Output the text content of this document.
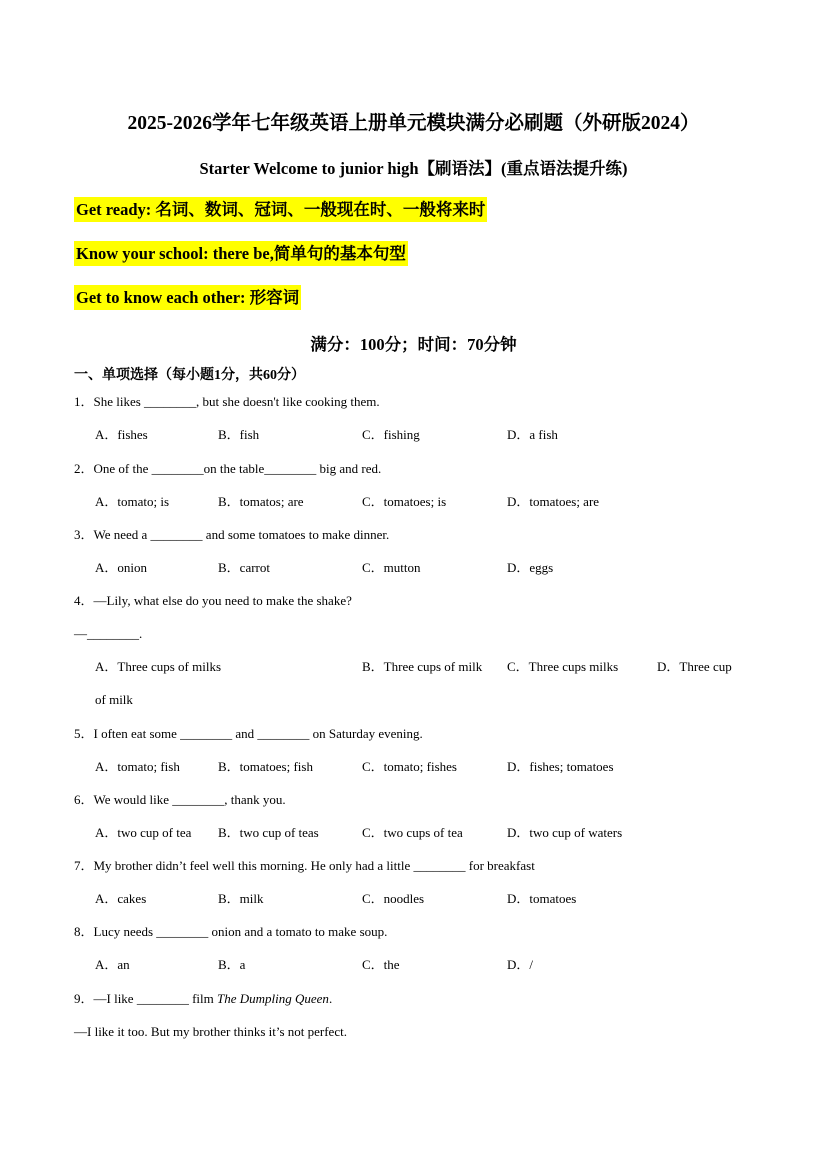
2025-2026学年七年级英语上册单元模块满分必刷题（外研版2024）
Starter Welcome to junior high【刷语法】(重点语法提升练)
Get ready: 名词、数词、冠词、一般现在时、一般将来时
Know your school: there be,简单句的基本句型
Get to know each other: 形容词
满分：100分；时间：70分钟
一、单项选择（每小题1分，共60分）
1．She likes ________, but she doesn't like cooking them.
A．fishes	B．fish	C．fishing	D．a fish
2．One of the ________on the table________ big and red.
A．tomato; is	B．tomatos; are	C．tomatoes; is	D．tomatoes; are
3．We need a ________ and some tomatoes to make dinner.
A．onion	B．carrot	C．mutton	D．eggs
4．—Lily, what else do you need to make the shake?
—________.
A．Three cups of milks	B．Three cups of milk C．Three cups milks	D．Three cup
of milk
5．I often eat some ________ and ________ on Saturday evening.
A．tomato; fish	B．tomatoes; fish	C．tomato; fishes	D．fishes; tomatoes
6．We would like ________, thank you.
A．two cup of tea B．two cup of teas	C．two cups of tea	D．two cup of waters
7．My brother didn’t feel well this morning. He only had a little ________ for breakfast
A．cakes	B．milk	C．noodles	D．tomatoes
8．Lucy needs ________ onion and a tomato to make soup.
A．an	B．a	C．the	D．/
9．—I like ________ film The Dumpling Queen.
—I like it too. But my brother thinks it’s not perfect.
